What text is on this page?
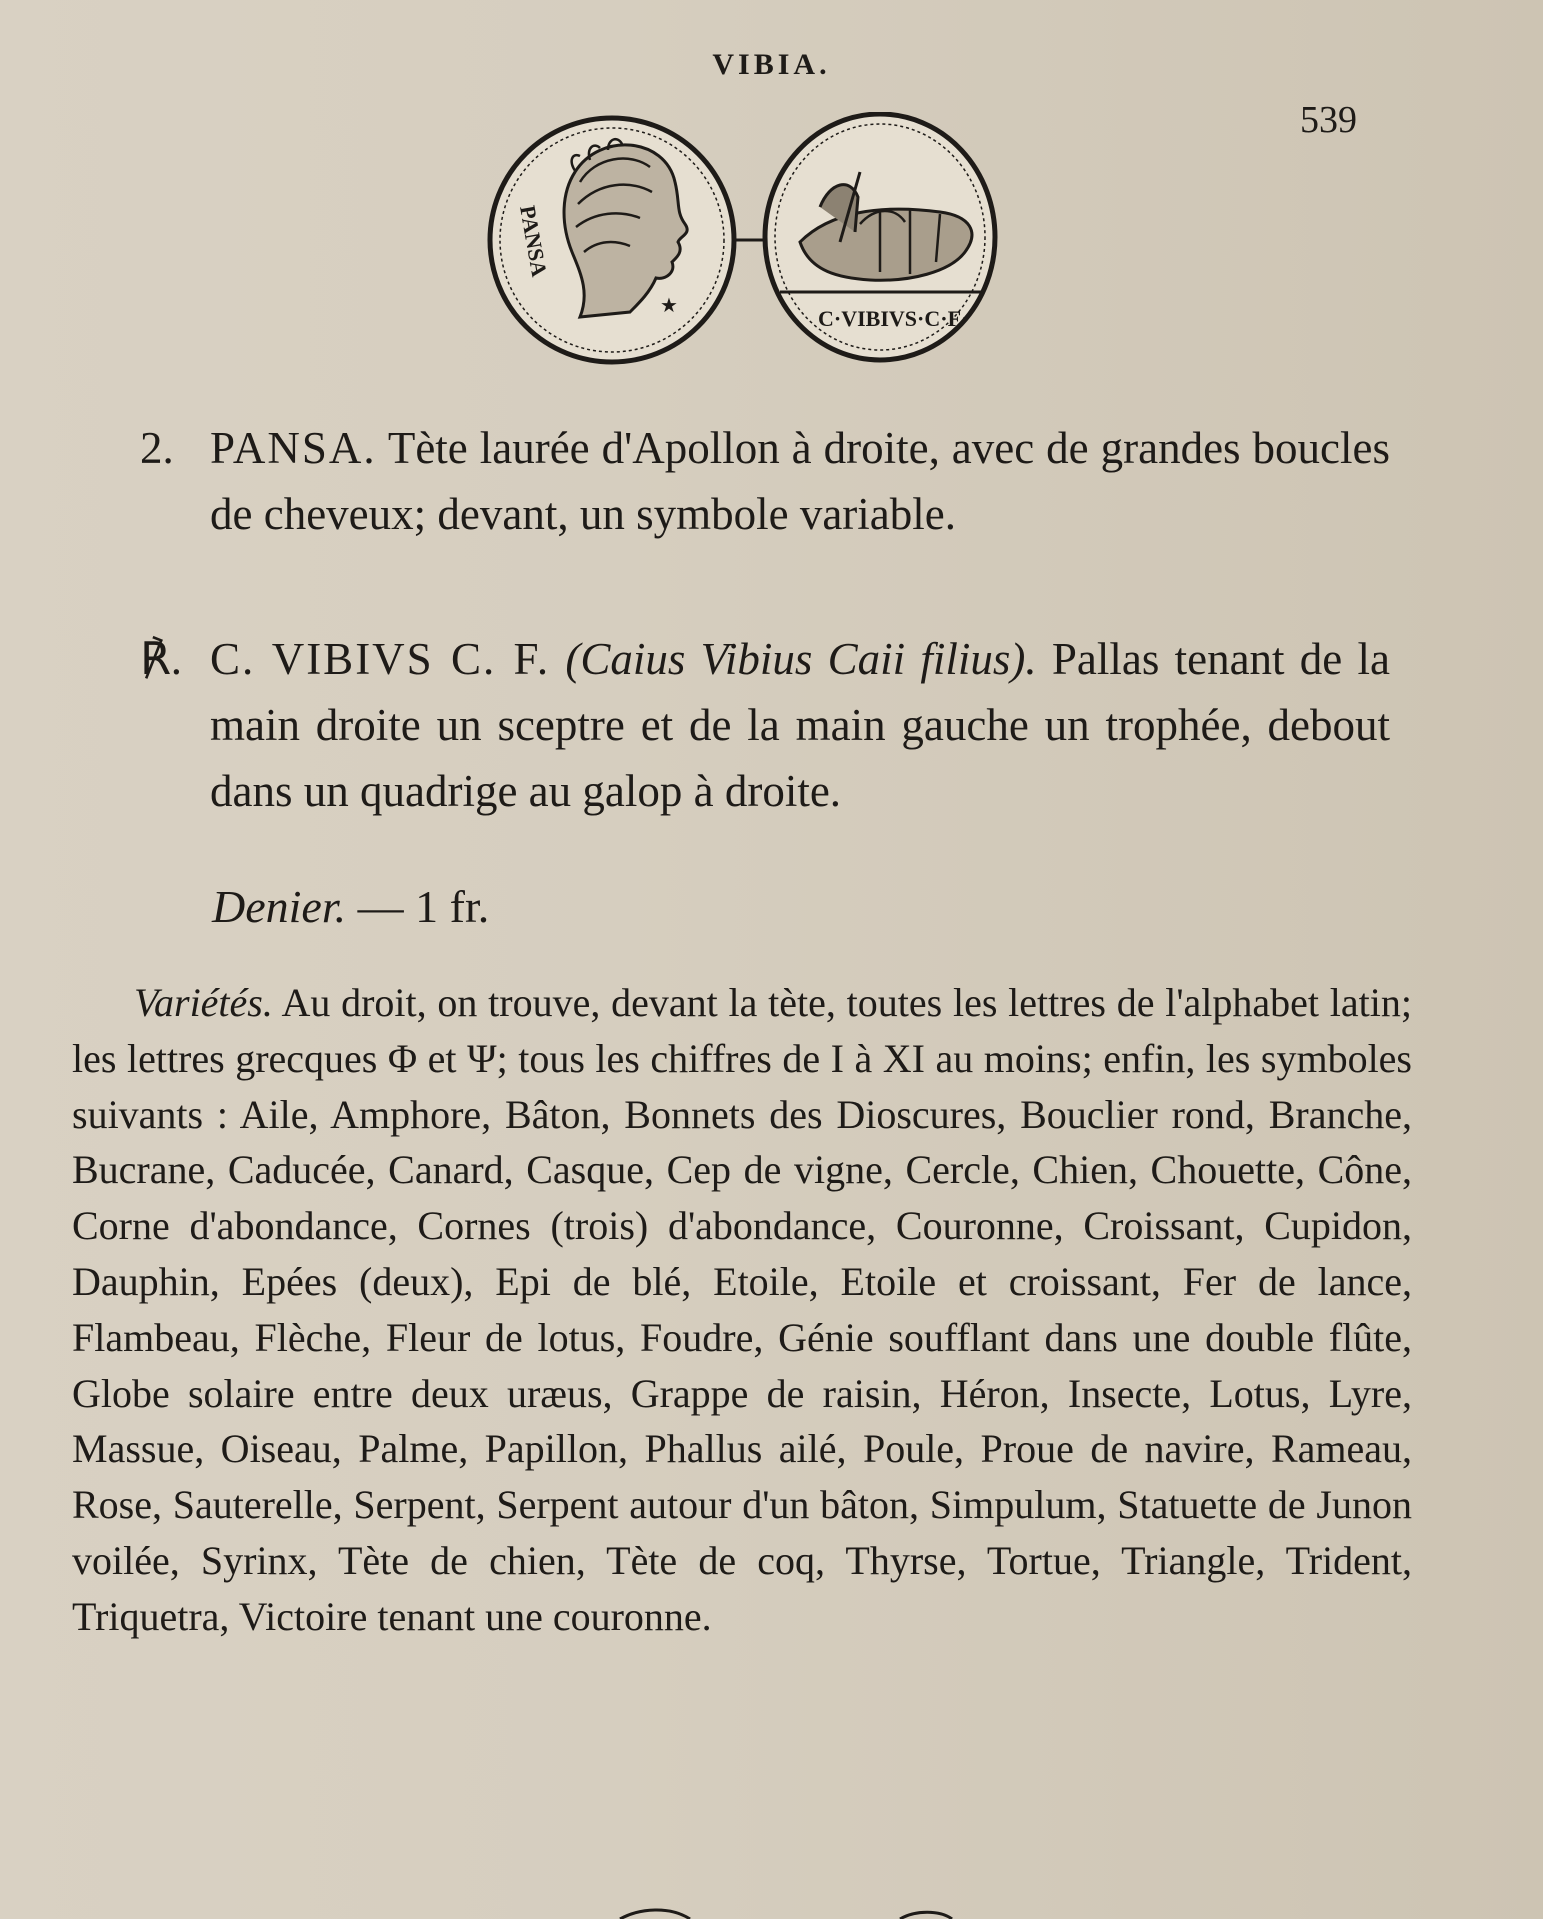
VIBIA.
539
PANSA
★
C·VIBIVS·C·F·
2. PANSA. Tète laurée d'Apollon à droite, avec de grandes boucles de cheveux; devant, un symbole variable.
℟. C. VIBIVS C. F. (Caius Vibius Caii filius). Pallas tenant de la main droite un sceptre et de la main gauche un trophée, debout dans un quadrige au galop à droite.
Denier. — 1 fr.
Variétés. Au droit, on trouve, devant la tète, toutes les lettres de l'alphabet latin; les lettres grecques Φ et Ψ; tous les chiffres de I à XI au moins; enfin, les symboles suivants : Aile, Amphore, Bâton, Bonnets des Dioscures, Bouclier rond, Branche, Bucrane, Caducée, Canard, Casque, Cep de vigne, Cercle, Chien, Chouette, Cône, Corne d'abondance, Cornes (trois) d'abondance, Couronne, Croissant, Cupidon, Dauphin, Epées (deux), Epi de blé, Etoile, Etoile et croissant, Fer de lance, Flambeau, Flèche, Fleur de lotus, Foudre, Génie soufflant dans une double flûte, Globe solaire entre deux uræus, Grappe de raisin, Héron, Insecte, Lotus, Lyre, Massue, Oiseau, Palme, Papillon, Phallus ailé, Poule, Proue de navire, Rameau, Rose, Sauterelle, Serpent, Serpent autour d'un bâton, Simpulum, Statuette de Junon voilée, Syrinx, Tète de chien, Tète de coq, Thyrse, Tortue, Triangle, Trident, Triquetra, Victoire tenant une couronne.
